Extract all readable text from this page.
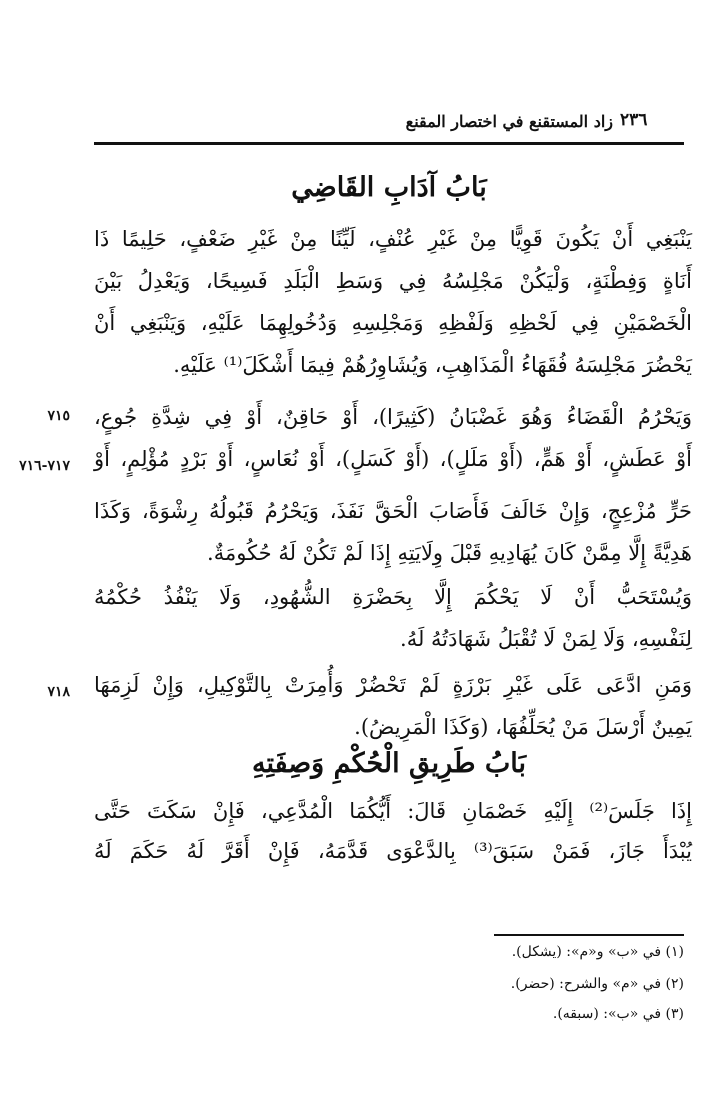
زاد المستقنع في اختصار المقنع ٢٣٦
بَابُ آدَابِ القَاضِي
يَنْبَغِي أَنْ يَكُونَ قَوِيًّا مِنْ غَيْرِ عُنْفٍ، لَيِّنًا مِنْ غَيْرِ ضَعْفٍ، حَلِيمًا ذَا
أَنَاةٍ وَفِطْنَةٍ، وَلْيَكُنْ مَجْلِسُهُ فِي وَسَطِ الْبَلَدِ فَسِيحًا، وَيَعْدِلُ بَيْنَ
الْخَصْمَيْنِ فِي لَحْظِهِ وَلَفْظِهِ وَمَجْلِسِهِ وَدُخُولِهِمَا عَلَيْهِ، وَيَنْبَغِي أَنْ
يَحْضُرَ مَجْلِسَهُ فُقَهَاءُ الْمَذَاهِبِ، وَيُشَاوِرُهُمْ فِيمَا أَشْكَلَ⁽¹⁾ عَلَيْهِ.
وَيَحْرُمُ الْقَضَاءُ وَهُوَ غَضْبَانُ (كَثِيرًا)، أَوْ حَاقِنٌ، أَوْ فِي شِدَّةِ جُوعٍ،
أَوْ عَطَشٍ، أَوْ هَمٍّ، (أَوْ مَلَلٍ)، (أَوْ كَسَلٍ)، أَوْ نُعَاسٍ، أَوْ بَرْدٍ مُؤْلِمٍ، أَوْ
حَرٍّ مُزْعِجٍ، وَإِنْ خَالَفَ فَأَصَابَ الْحَقَّ نَفَذَ، وَيَحْرُمُ قَبُولُهُ رِشْوَةً، وَكَذَا
هَدِيَّةً إِلَّا مِمَّنْ كَانَ يُهَادِيهِ قَبْلَ وِلَايَتِهِ إِذَا لَمْ تَكُنْ لَهُ حُكُومَةٌ.
وَيُسْتَحَبُّ أَنْ لَا يَحْكُمَ إِلَّا بِحَضْرَةِ الشُّهُودِ، وَلَا يَنْفُذُ حُكْمُهُ
لِنَفْسِهِ، وَلَا لِمَنْ لَا تُقْبَلُ شَهَادَتُهُ لَهُ.
وَمَنِ ادَّعَى عَلَى غَيْرِ بَرْزَةٍ لَمْ تَحْضُرْ وَأُمِرَتْ بِالتَّوْكِيلِ، وَإِنْ لَزِمَهَا
يَمِينٌ أَرْسَلَ مَنْ يُحَلِّفُهَا، (وَكَذَا الْمَرِيضُ).
بَابُ طَرِيقِ الْحُكْمِ وَصِفَتِهِ
إِذَا جَلَسَ⁽²⁾ إِلَيْهِ خَصْمَانِ قَالَ: أَيُّكُمَا الْمُدَّعِي، فَإِنْ سَكَتَ حَتَّى
يُبْدَأَ جَازَ، فَمَنْ سَبَقَ⁽³⁾ بِالدَّعْوَى قَدَّمَهُ، فَإِنْ أَقَرَّ لَهُ حَكَمَ لَهُ
٧١٥
٧١٧-٧١٦
٧١٨
(١) في «ب» و«م»: (يشكل).
(٢) في «م» والشرح: (حضر).
(٣) في «ب»: (سبقه).
